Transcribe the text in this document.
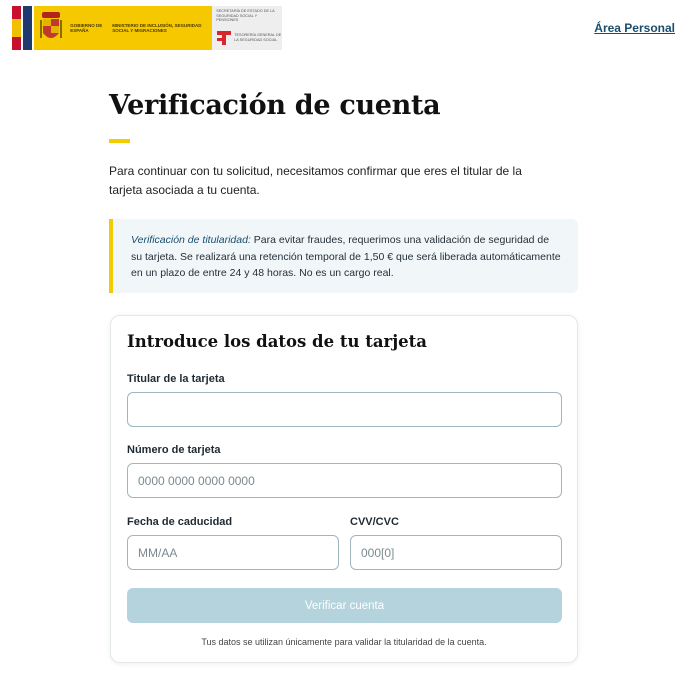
GOBIERNO DE ESPAÑA
MINISTERIO DE INCLUSIÓN, SEGURIDAD SOCIAL Y MIGRACIONES
SECRETARÍA DE ESTADO DE LA SEGURIDAD SOCIAL Y PENSIONES
TESORERÍA GENERAL DE LA SEGURIDAD SOCIAL
Área Personal
Verificación de cuenta

Para continuar con tu solicitud, necesitamos confirmar que eres el titular de la tarjeta asociada a tu cuenta.

Verificación de titularidad: Para evitar fraudes, requerimos una validación de seguridad de su tarjeta. Se realizará una retención temporal de 1,50 € que será liberada automáticamente en un plazo de entre 24 y 48 horas. No es un cargo real.
Introduce los datos de tu tarjeta
Titular de la tarjeta
Número de tarjeta
0000 0000 0000 0000
Fecha de caducidad
MM/AA	CVV/CVC
000[0]
Verificar cuenta

Tus datos se utilizan únicamente para validar la titularidad de la cuenta.
